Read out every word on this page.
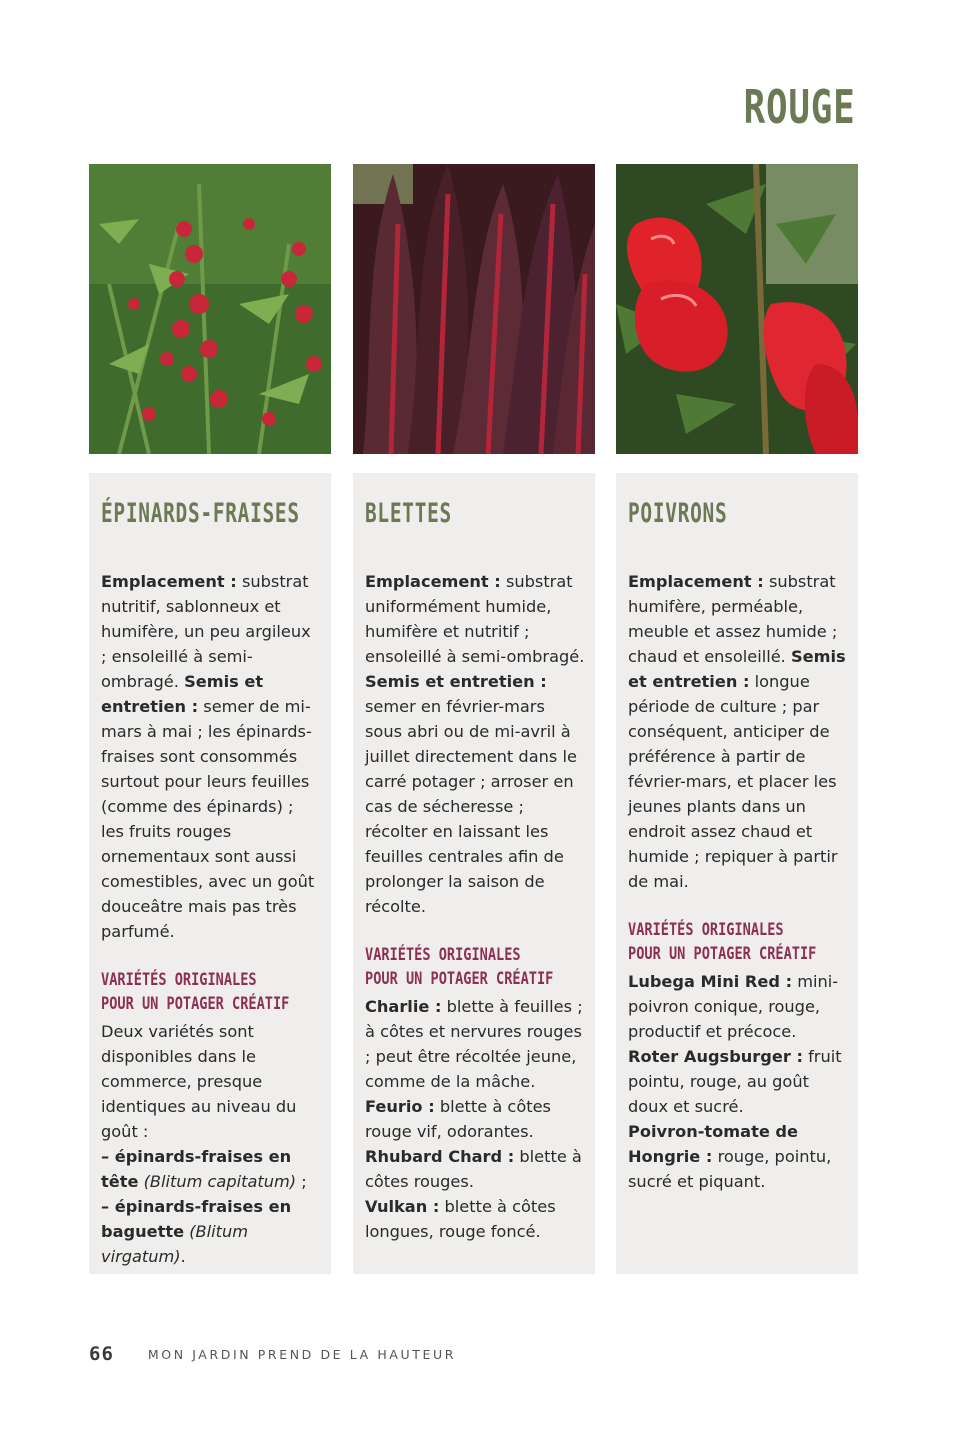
ROUGE
ÉPINARDS-FRAISES

Emplacement : substrat nutritif, sablonneux et humifère, un peu argileux ; ensoleillé à semi-ombragé. Semis et entretien : semer de mi-mars à mai ; les épinards-fraises sont consommés surtout pour leurs feuilles (comme des épinards) ; les fruits rouges ornementaux sont aussi comestibles, avec un goût douceâtre mais pas très parfumé.

VARIÉTÉS ORIGINALES
POUR UN POTAGER CRÉATIF

Deux variétés sont disponibles dans le commerce, presque identiques au niveau du goût :

– épinards-fraises en tête (Blitum capitatum) ;

– épinards-fraises en baguette (Blitum virgatum).

BLETTES

Emplacement : substrat uniformément humide, humifère et nutritif ; ensoleillé à semi-ombragé. Semis et entretien : semer en février-mars sous abri ou de mi-avril à juillet directement dans le carré potager ; arroser en cas de sécheresse ; récolter en laissant les feuilles centrales afin de prolonger la saison de récolte.

VARIÉTÉS ORIGINALES
POUR UN POTAGER CRÉATIF

Charlie : blette à feuilles ; à côtes et nervures rouges ; peut être récoltée jeune, comme de la mâche.

Feurio : blette à côtes rouge vif, odorantes.

Rhubard Chard : blette à côtes rouges.

Vulkan : blette à côtes longues, rouge foncé.

POIVRONS

Emplacement : substrat humifère, perméable, meuble et assez humide ; chaud et ensoleillé. Semis et entretien : longue période de culture ; par conséquent, anticiper de préférence à partir de février-mars, et placer les jeunes plants dans un endroit assez chaud et humide ; repiquer à partir de mai.

VARIÉTÉS ORIGINALES
POUR UN POTAGER CRÉATIF

Lubega Mini Red : mini-poivron conique, rouge, productif et précoce.

Roter Augsburger : fruit pointu, rouge, au goût doux et sucré.

Poivron-tomate de Hongrie : rouge, pointu, sucré et piquant.

66	MON JARDIN PREND DE LA HAUTEUR
